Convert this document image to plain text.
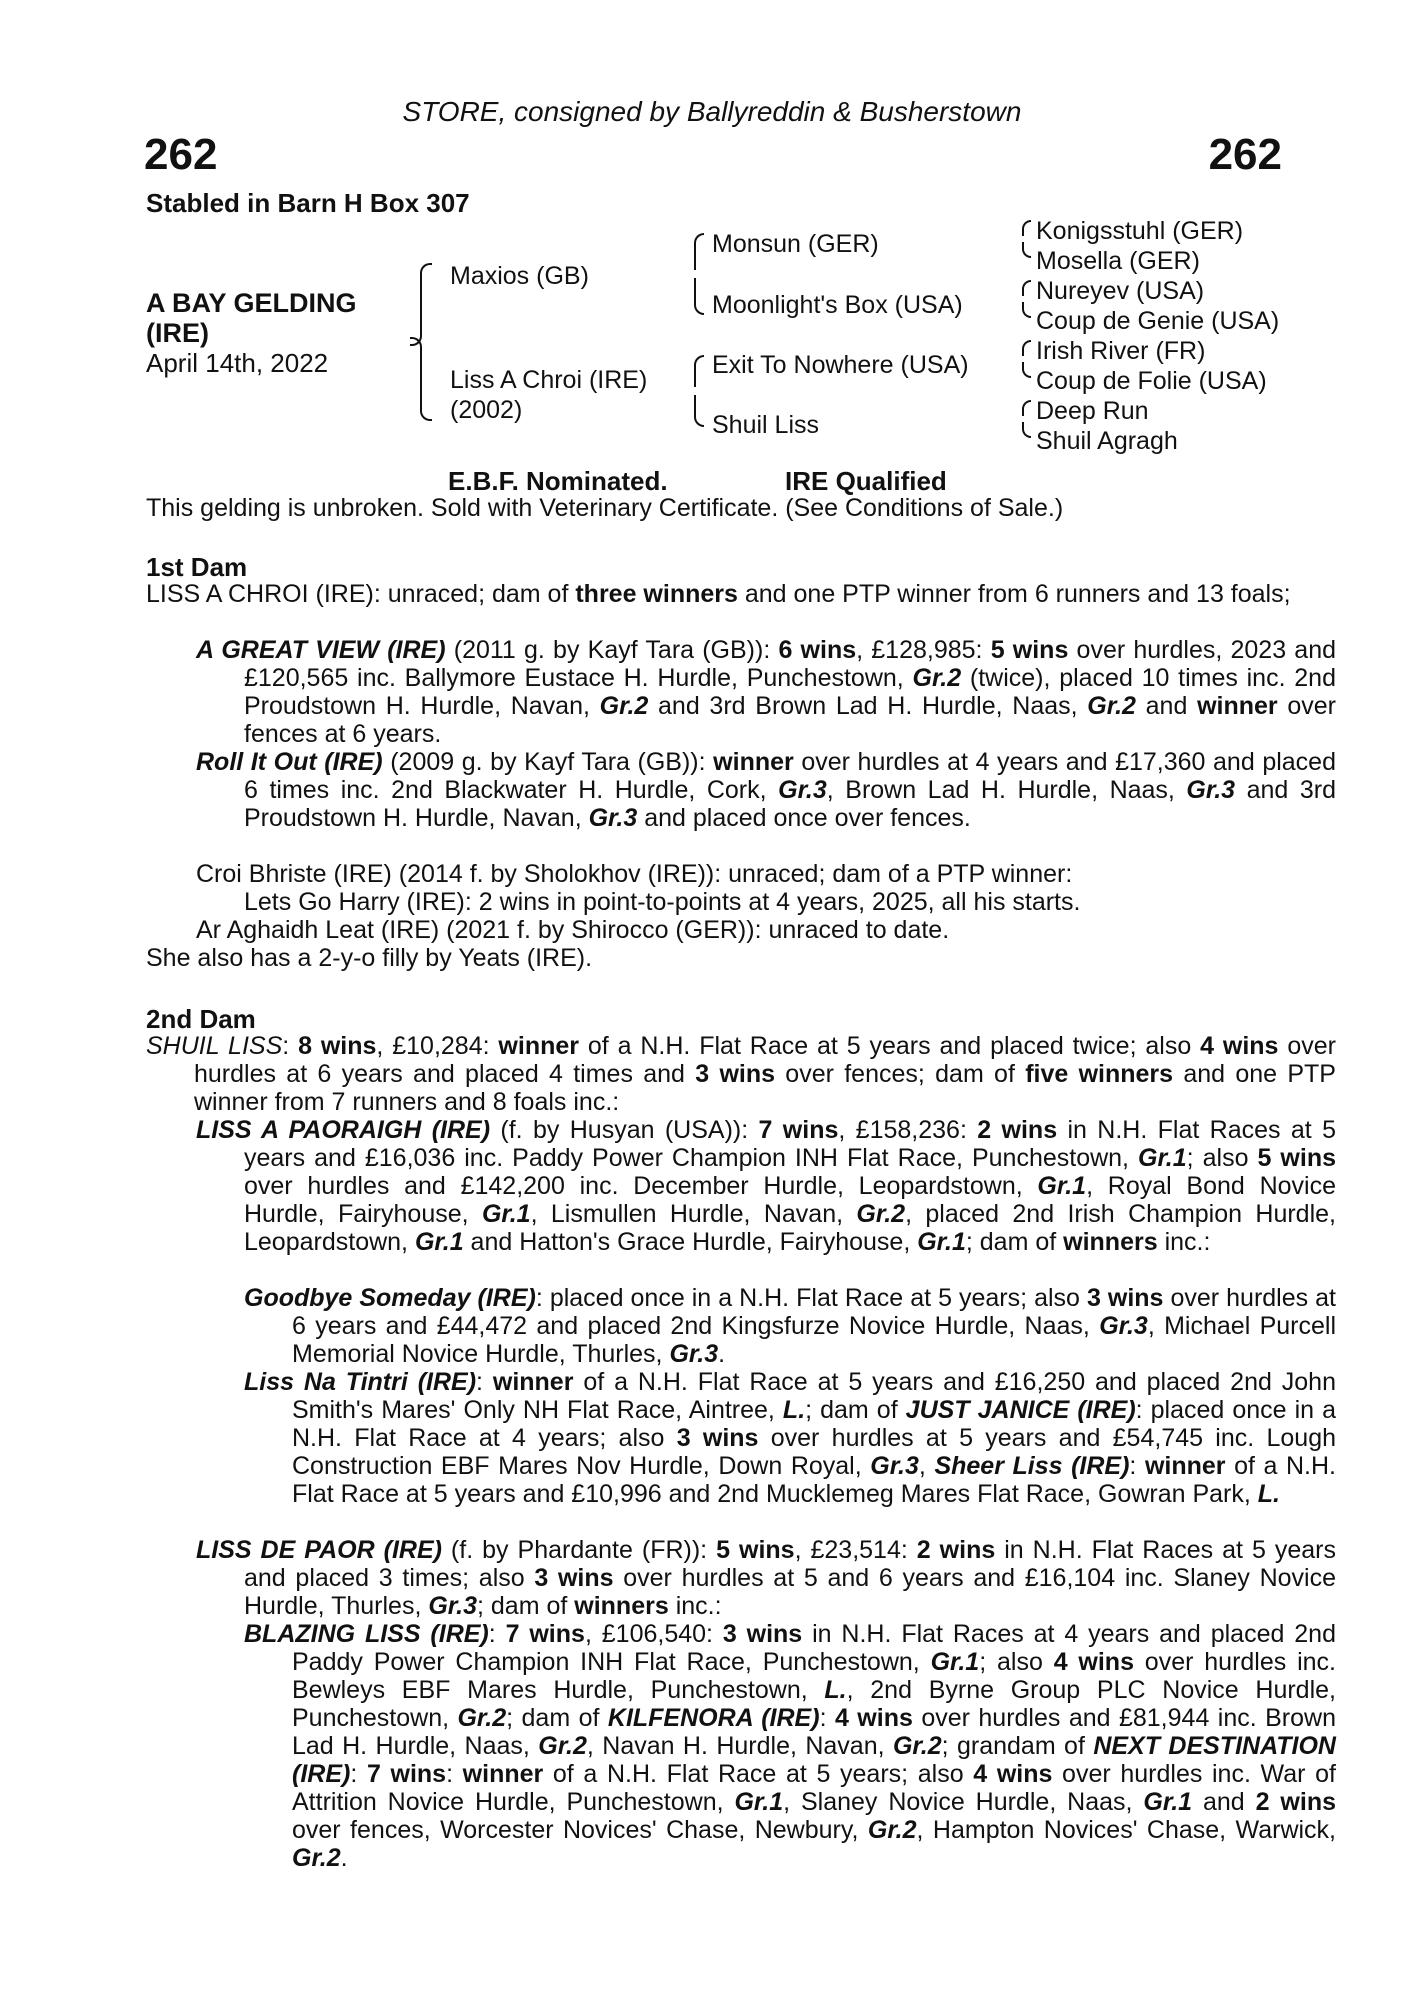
STORE, consigned by Ballyreddin & Busherstown
262	262
Stabled in Barn H Box 307
A BAY GELDING
(IRE)
April 14th, 2022
Maxios (GB)
Liss A Chroi (IRE)
(2002)
Monsun (GER)
Moonlight's Box (USA)
Exit To Nowhere (USA)
Shuil Liss
Konigsstuhl (GER)
Mosella (GER)
Nureyev (USA)
Coup de Genie (USA)
Irish River (FR)
Coup de Folie (USA)
Deep Run
Shuil Agragh
E.B.F. Nominated.	IRE Qualified
This gelding is unbroken. Sold with Veterinary Certificate. (See Conditions of Sale.)
1st Dam
LISS A CHROI (IRE): unraced; dam of three winners and one PTP winner from 6 runners and 13 foals;
A GREAT VIEW (IRE) (2011 g. by Kayf Tara (GB)): 6 wins, £128,985: 5 wins over hurdles, 2023 and £120,565 inc. Ballymore Eustace H. Hurdle, Punchestown, Gr.2 (twice), placed 10 times inc. 2nd Proudstown H. Hurdle, Navan, Gr.2 and 3rd Brown Lad H. Hurdle, Naas, Gr.2 and winner over fences at 6 years.
Roll It Out (IRE) (2009 g. by Kayf Tara (GB)): winner over hurdles at 4 years and £17,360 and placed 6 times inc. 2nd Blackwater H. Hurdle, Cork, Gr.3, Brown Lad H. Hurdle, Naas, Gr.3 and 3rd Proudstown H. Hurdle, Navan, Gr.3 and placed once over fences.
Croi Bhriste (IRE) (2014 f. by Sholokhov (IRE)): unraced; dam of a PTP winner:
Lets Go Harry (IRE): 2 wins in point-to-points at 4 years, 2025, all his starts.
Ar Aghaidh Leat (IRE) (2021 f. by Shirocco (GER)): unraced to date.
She also has a 2-y-o filly by Yeats (IRE).
2nd Dam
SHUIL LISS: 8 wins, £10,284: winner of a N.H. Flat Race at 5 years and placed twice; also 4 wins over hurdles at 6 years and placed 4 times and 3 wins over fences; dam of five winners and one PTP winner from 7 runners and 8 foals inc.:
LISS A PAORAIGH (IRE) (f. by Husyan (USA)): 7 wins, £158,236: 2 wins in N.H. Flat Races at 5 years and £16,036 inc. Paddy Power Champion INH Flat Race, Punchestown, Gr.1; also 5 wins over hurdles and £142,200 inc. December Hurdle, Leopardstown, Gr.1, Royal Bond Novice Hurdle, Fairyhouse, Gr.1, Lismullen Hurdle, Navan, Gr.2, placed 2nd Irish Champion Hurdle, Leopardstown, Gr.1 and Hatton's Grace Hurdle, Fairyhouse, Gr.1; dam of winners inc.:
Goodbye Someday (IRE): placed once in a N.H. Flat Race at 5 years; also 3 wins over hurdles at 6 years and £44,472 and placed 2nd Kingsfurze Novice Hurdle, Naas, Gr.3, Michael Purcell Memorial Novice Hurdle, Thurles, Gr.3.
Liss Na Tintri (IRE): winner of a N.H. Flat Race at 5 years and £16,250 and placed 2nd John Smith's Mares' Only NH Flat Race, Aintree, L.; dam of JUST JANICE (IRE): placed once in a N.H. Flat Race at 4 years; also 3 wins over hurdles at 5 years and £54,745 inc. Lough Construction EBF Mares Nov Hurdle, Down Royal, Gr.3, Sheer Liss (IRE): winner of a N.H. Flat Race at 5 years and £10,996 and 2nd Mucklemeg Mares Flat Race, Gowran Park, L.
LISS DE PAOR (IRE) (f. by Phardante (FR)): 5 wins, £23,514: 2 wins in N.H. Flat Races at 5 years and placed 3 times; also 3 wins over hurdles at 5 and 6 years and £16,104 inc. Slaney Novice Hurdle, Thurles, Gr.3; dam of winners inc.:
BLAZING LISS (IRE): 7 wins, £106,540: 3 wins in N.H. Flat Races at 4 years and placed 2nd Paddy Power Champion INH Flat Race, Punchestown, Gr.1; also 4 wins over hurdles inc. Bewleys EBF Mares Hurdle, Punchestown, L., 2nd Byrne Group PLC Novice Hurdle, Punchestown, Gr.2; dam of KILFENORA (IRE): 4 wins over hurdles and £81,944 inc. Brown Lad H. Hurdle, Naas, Gr.2, Navan H. Hurdle, Navan, Gr.2; grandam of NEXT DESTINATION (IRE): 7 wins: winner of a N.H. Flat Race at 5 years; also 4 wins over hurdles inc. War of Attrition Novice Hurdle, Punchestown, Gr.1, Slaney Novice Hurdle, Naas, Gr.1 and 2 wins over fences, Worcester Novices' Chase, Newbury, Gr.2, Hampton Novices' Chase, Warwick, Gr.2.
